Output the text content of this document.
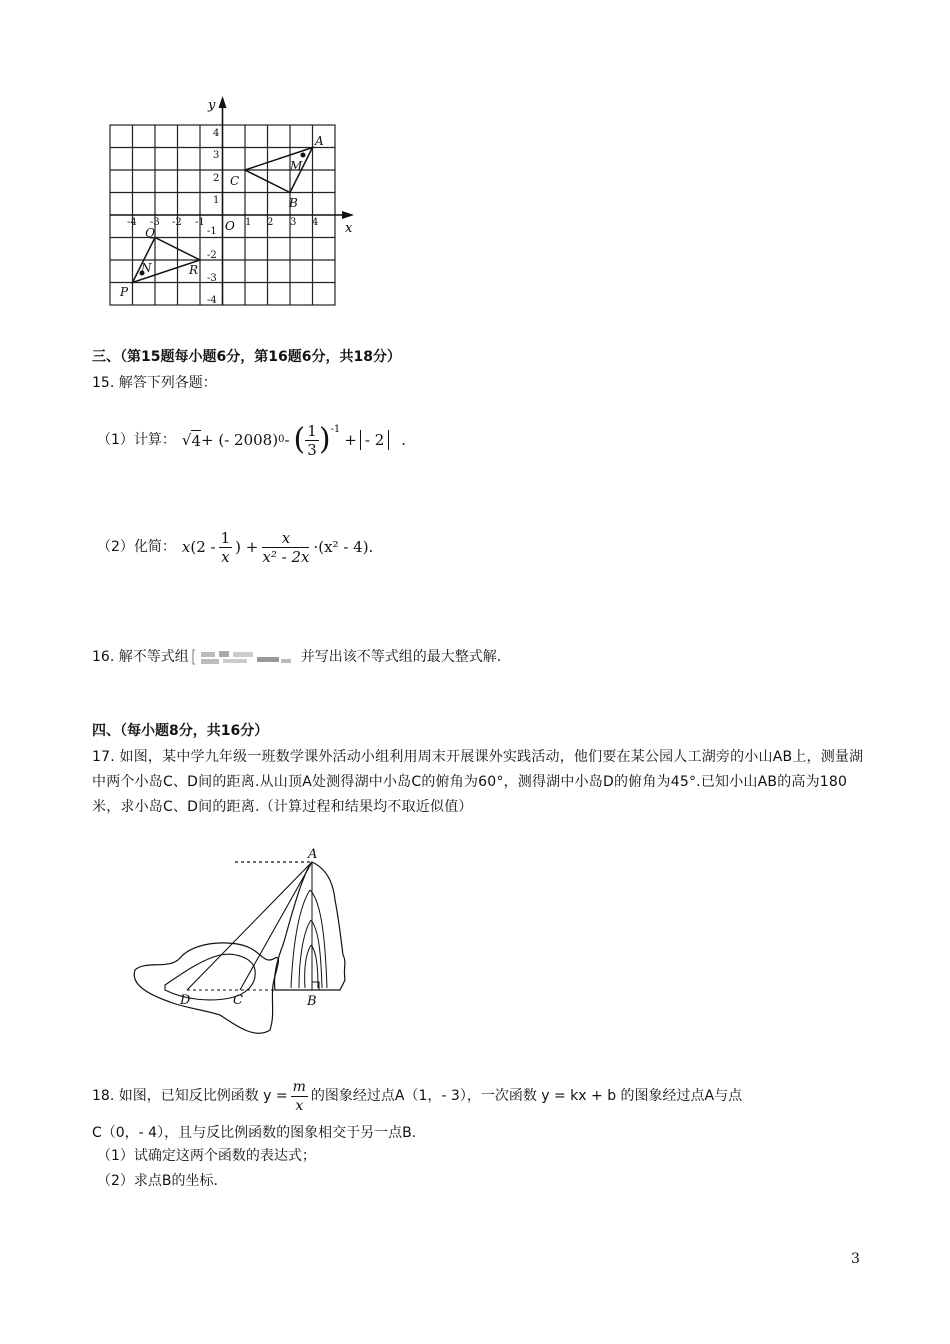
y
x
O
-4 -3 -2 -1	1 2 3 4
4
3
2
1
-1
-2
-3
-4
A
B
C
M
P
Q
R
N
三、（第15题每小题6分，第16题6分，共18分）
15. 解答下列各题：
（1）计算： √ 4 + (- 2008) 0 - ( $\frac{1}{3} )^{-1}$
+ - 2	.
（2）化简： x ($2 - \frac{1}{x}$ ) + $\frac{x}{\text{x² - 2x}} \cdot(x^2 - 4)$.
16. 解不等式组	并写出该不等式组的最大整式解.
四、（每小题8分，共16分）
17. 如图，某中学九年级一班数学课外活动小组利用周末开展课外实践活动，他们要在某公园人工湖旁的小山AB上，测量湖中两个小岛C、D间的距离.从山顶A处测得湖中小岛C的俯角为60°，测得湖中小岛D的俯角为45°.已知小山AB的高为180米，求小岛C、D间的距离.（计算过程和结果均不取近似值）
A
B
C
D
18. 如图，已知反比例函数 $y = \frac{m}{x}$ 的图象经过点A（1，- 3），一次函数 y = kx + b 的图象经过点A与点
C（0，- 4），且与反比例函数的图象相交于另一点B.
（1）试确定这两个函数的表达式；
（2）求点B的坐标.
3
